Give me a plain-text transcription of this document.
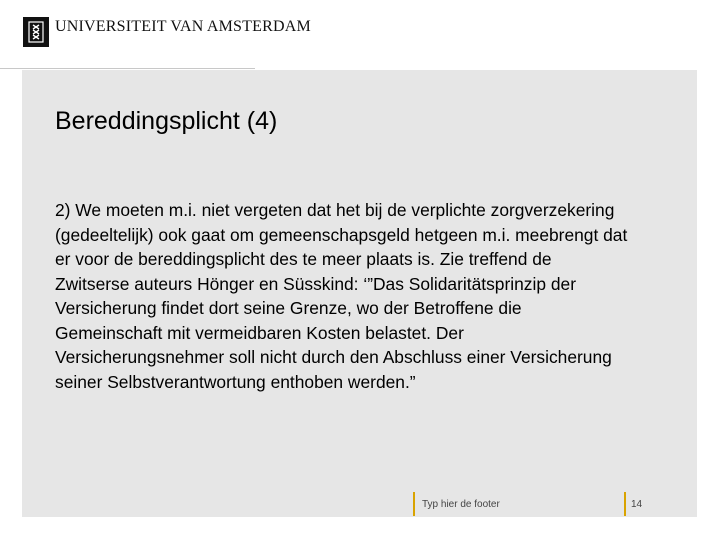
UNIVERSITEIT VAN AMSTERDAM
Bereddingsplicht (4)
2) We moeten m.i. niet vergeten dat het bij de verplichte zorgverzekering (gedeeltelijk) ook gaat om gemeenschapsgeld hetgeen m.i. meebrengt dat er voor de bereddingsplicht des te meer plaats is. Zie treffend de Zwitserse auteurs Hönger en Süsskind: ‘”Das Solidaritätsprinzip der Versicherung findet dort seine Grenze, wo der Betroffene die Gemeinschaft mit vermeidbaren Kosten belastet. Der Versicherungsnehmer soll nicht durch den Abschluss einer Versicherung seiner Selbstverantwortung enthoben werden.”
Typ hier de footer	14
